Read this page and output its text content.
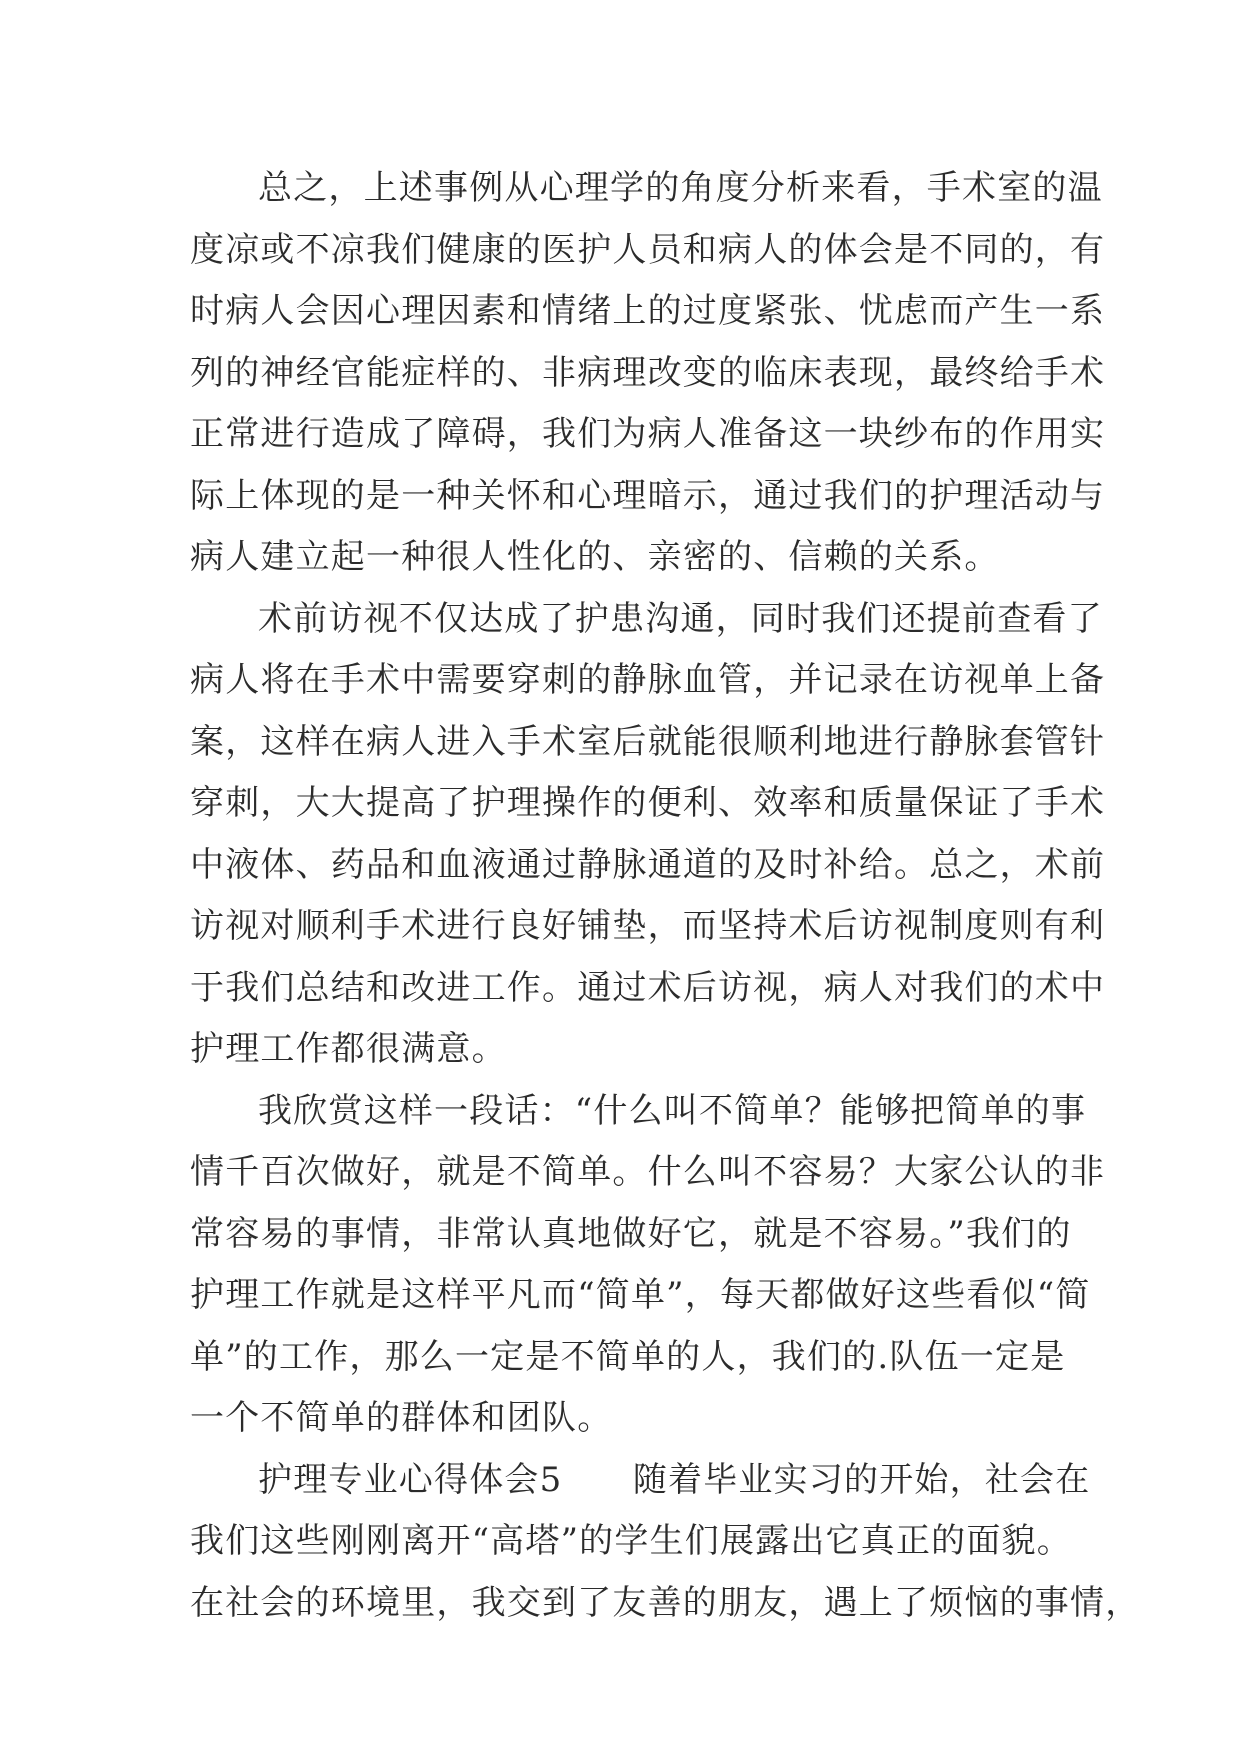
总之，上述事例从心理学的角度分析来看，手术室的温
度凉或不凉我们健康的医护人员和病人的体会是不同的，有
时病人会因心理因素和情绪上的过度紧张、忧虑而产生一系
列的神经官能症样的、非病理改变的临床表现，最终给手术
正常进行造成了障碍，我们为病人准备这一块纱布的作用实
际上体现的是一种关怀和心理暗示，通过我们的护理活动与
病人建立起一种很人性化的、亲密的、信赖的关系。
术前访视不仅达成了护患沟通，同时我们还提前查看了
病人将在手术中需要穿刺的静脉血管，并记录在访视单上备
案，这样在病人进入手术室后就能很顺利地进行静脉套管针
穿刺，大大提高了护理操作的便利、效率和质量保证了手术
中液体、药品和血液通过静脉通道的及时补给。总之，术前
访视对顺利手术进行良好铺垫，而坚持术后访视制度则有利
于我们总结和改进工作。通过术后访视，病人对我们的术中
护理工作都很满意。
我欣赏这样一段话：“什么叫不简单？能够把简单的事
情千百次做好，就是不简单。什么叫不容易？大家公认的非
常容易的事情，非常认真地做好它，就是不容易。”我们的
护理工作就是这样平凡而“简单”，每天都做好这些看似“简
单”的工作，那么一定是不简单的人，我们的.队伍一定是
一个不简单的群体和团队。
护理专业心得体会5　　随着毕业实习的开始，社会在
我们这些刚刚离开“高塔”的学生们展露出它真正的面貌。
在社会的环境里，我交到了友善的朋友，遇上了烦恼的事情，
